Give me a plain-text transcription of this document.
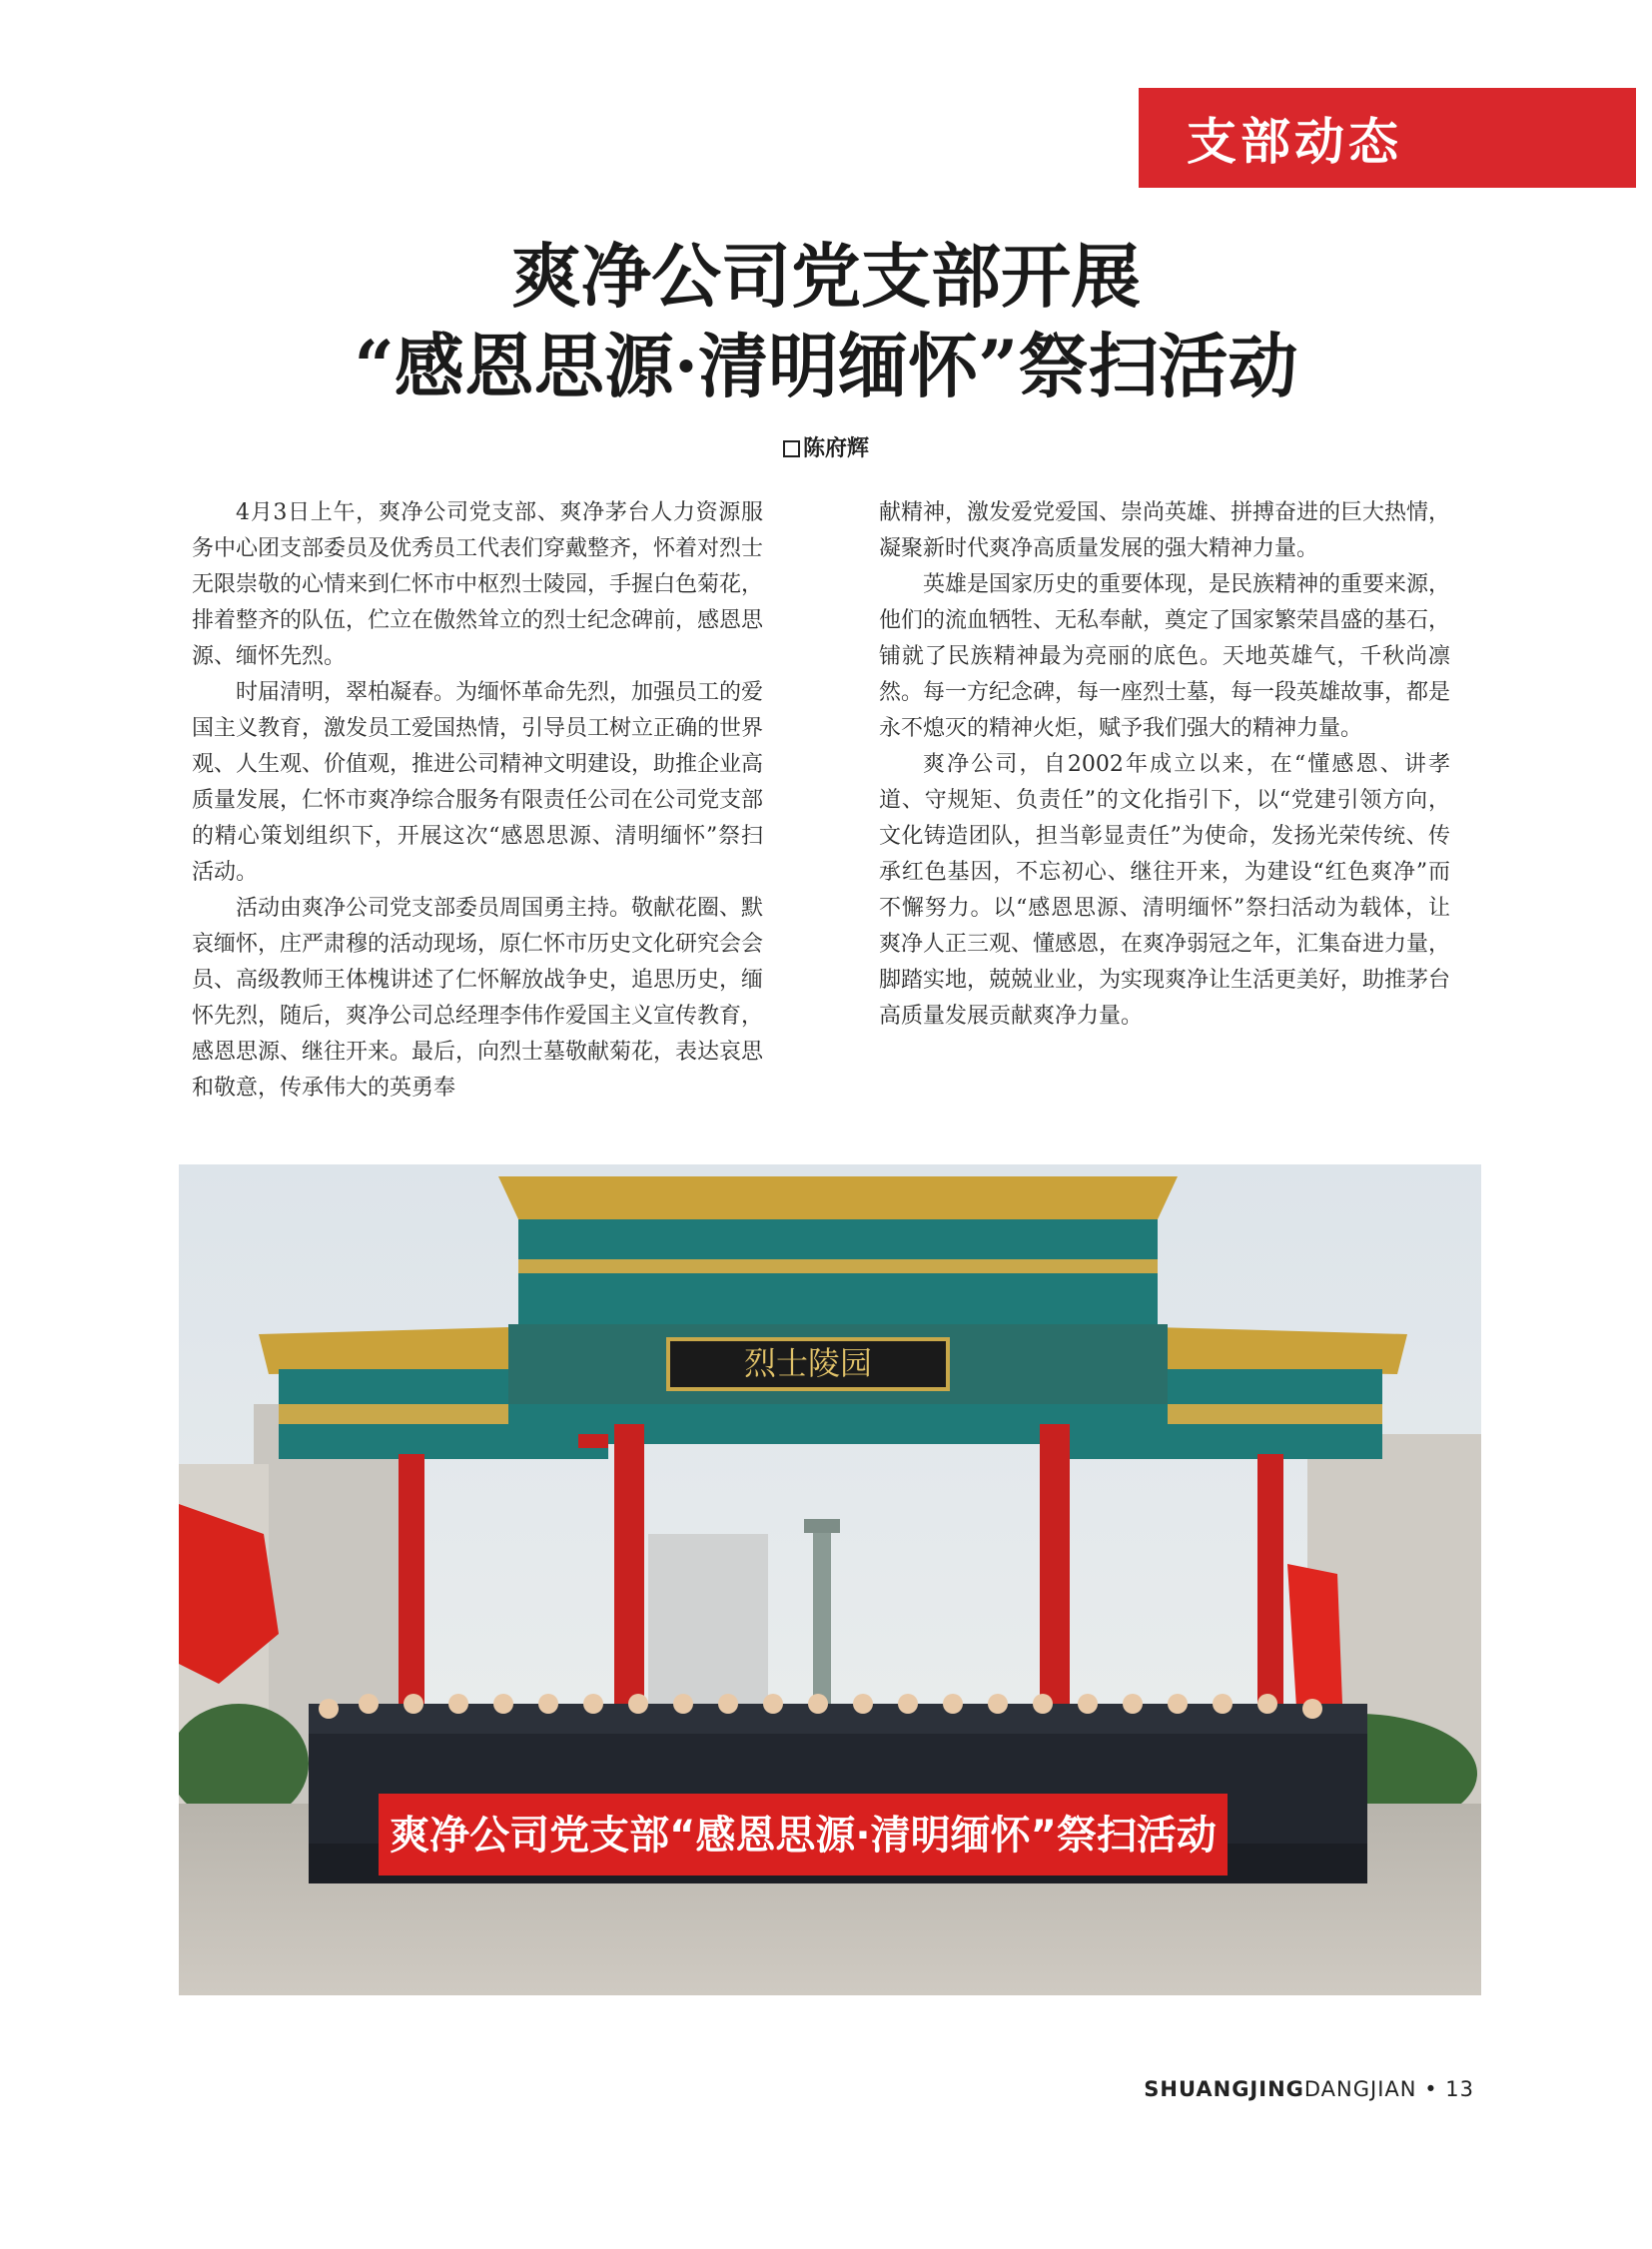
支部动态
爽净公司党支部开展
“感恩思源·清明缅怀”祭扫活动
陈府辉

4月3日上午，爽净公司党支部、爽净茅台人力资源服务中心团支部委员及优秀员工代表们穿戴整齐，怀着对烈士无限崇敬的心情来到仁怀市中枢烈士陵园，手握白色菊花，排着整齐的队伍，伫立在傲然耸立的烈士纪念碑前，感恩思源、缅怀先烈。

时届清明，翠柏凝春。为缅怀革命先烈，加强员工的爱国主义教育，激发员工爱国热情，引导员工树立正确的世界观、人生观、价值观，推进公司精神文明建设，助推企业高质量发展，仁怀市爽净综合服务有限责任公司在公司党支部的精心策划组织下，开展这次“感恩思源、清明缅怀”祭扫活动。

活动由爽净公司党支部委员周国勇主持。敬献花圈、默哀缅怀，庄严肃穆的活动现场，原仁怀市历史文化研究会会员、高级教师王体槐讲述了仁怀解放战争史，追思历史，缅怀先烈，随后，爽净公司总经理李伟作爱国主义宣传教育，感恩思源、继往开来。最后，向烈士墓敬献菊花，表达哀思和敬意，传承伟大的英勇奉

献精神，激发爱党爱国、崇尚英雄、拼搏奋进的巨大热情，凝聚新时代爽净高质量发展的强大精神力量。

英雄是国家历史的重要体现，是民族精神的重要来源，他们的流血牺牲、无私奉献，奠定了国家繁荣昌盛的基石，铺就了民族精神最为亮丽的底色。天地英雄气，千秋尚凛然。每一方纪念碑，每一座烈士墓，每一段英雄故事，都是永不熄灭的精神火炬，赋予我们强大的精神力量。

爽净公司，自2002年成立以来，在“懂感恩、讲孝道、守规矩、负责任”的文化指引下，以“党建引领方向，文化铸造团队，担当彰显责任”为使命，发扬光荣传统、传承红色基因，不忘初心、继往开来，为建设“红色爽净”而不懈努力。以“感恩思源、清明缅怀”祭扫活动为载体，让爽净人正三观、懂感恩，在爽净弱冠之年，汇集奋进力量，脚踏实地，兢兢业业，为实现爽净让生活更美好，助推茅台高质量发展贡献爽净力量。

烈士陵园
爽净公司党支部“感恩思源·清明缅怀”祭扫活动
SHUANGJINGDANGJIAN • 13
